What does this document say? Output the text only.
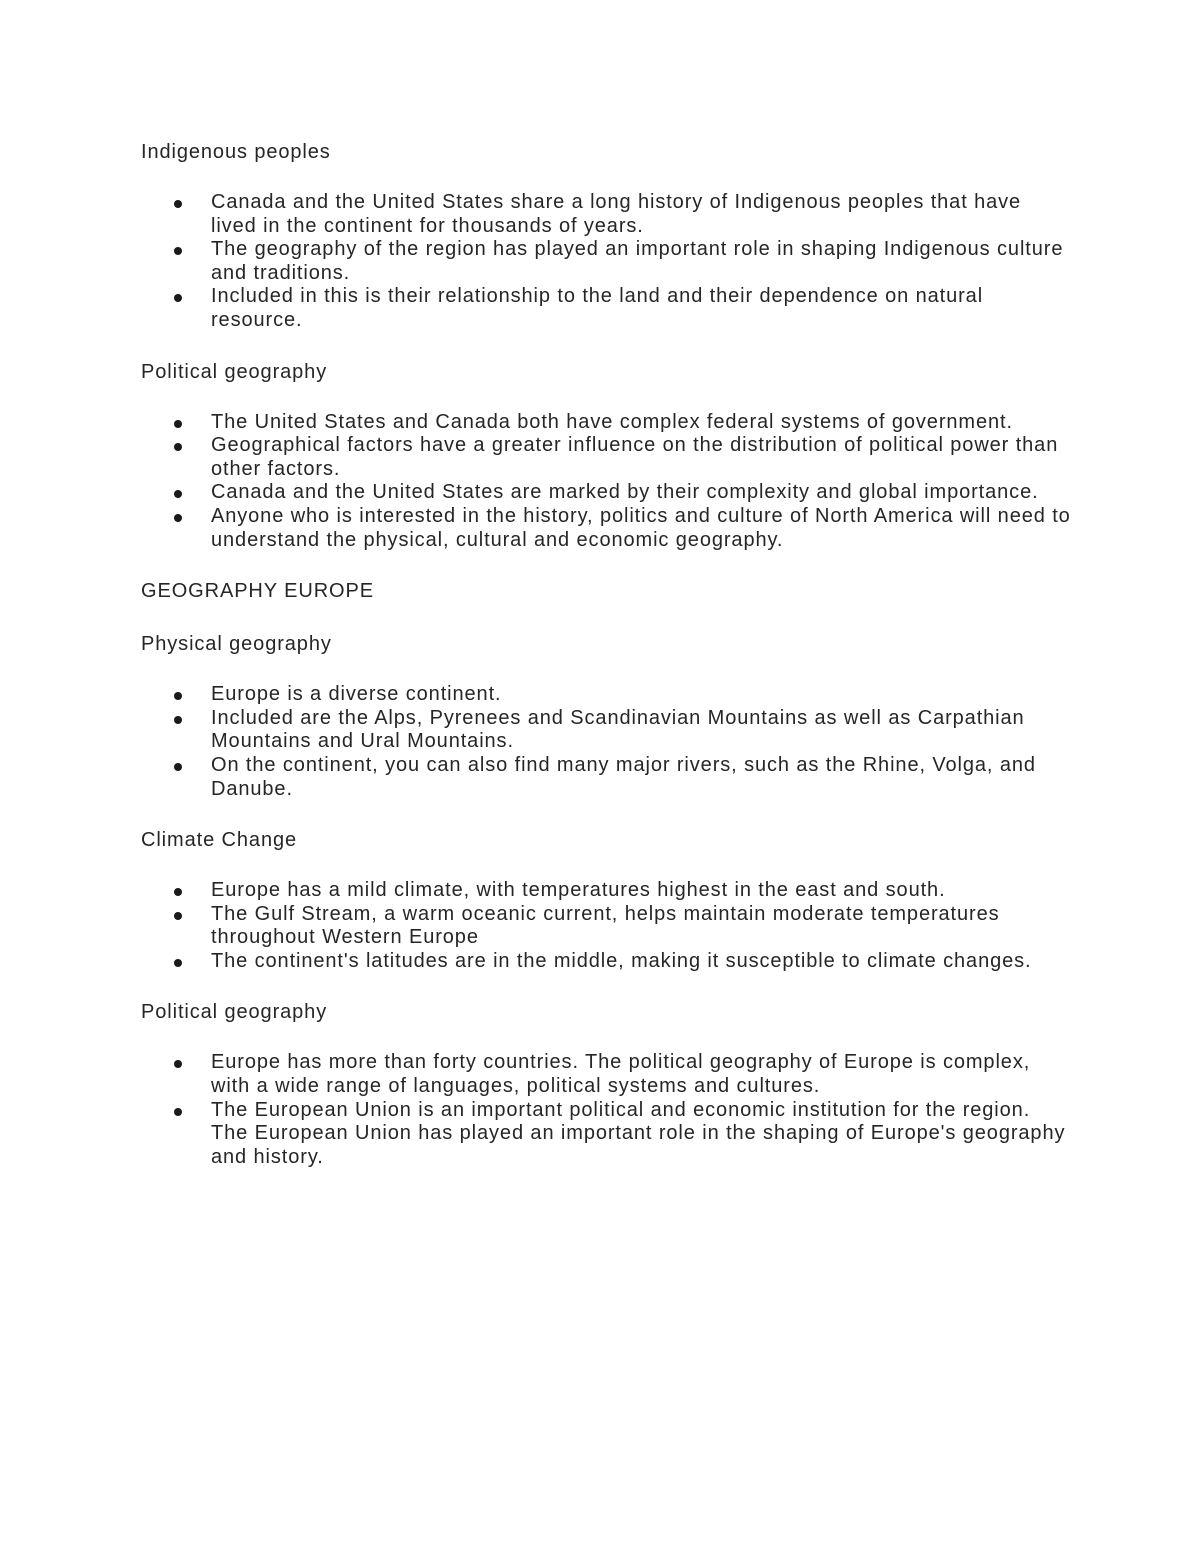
Indigenous peoples
Canada and the United States share a long history of Indigenous peoples that have lived in the continent for thousands of years.
The geography of the region has played an important role in shaping Indigenous culture and traditions.
Included in this is their relationship to the land and their dependence on natural resource.
Political geography
The United States and Canada both have complex federal systems of government.
Geographical factors have a greater influence on the distribution of political power than other factors.
Canada and the United States are marked by their complexity and global importance.
Anyone who is interested in the history, politics and culture of North America will need to understand the physical, cultural and economic geography.
GEOGRAPHY EUROPE
Physical geography
Europe is a diverse continent.
Included are the Alps, Pyrenees and Scandinavian Mountains as well as Carpathian Mountains and Ural Mountains.
On the continent, you can also find many major rivers, such as the Rhine, Volga, and Danube.
Climate Change
Europe has a mild climate, with temperatures highest in the east and south.
The Gulf Stream, a warm oceanic current, helps maintain moderate temperatures throughout Western Europe
The continent's latitudes are in the middle, making it susceptible to climate changes.
Political geography
Europe has more than forty countries. The political geography of Europe is complex, with a wide range of languages, political systems and cultures.
The European Union is an important political and economic institution for the region. The European Union has played an important role in the shaping of Europe's geography and history.
